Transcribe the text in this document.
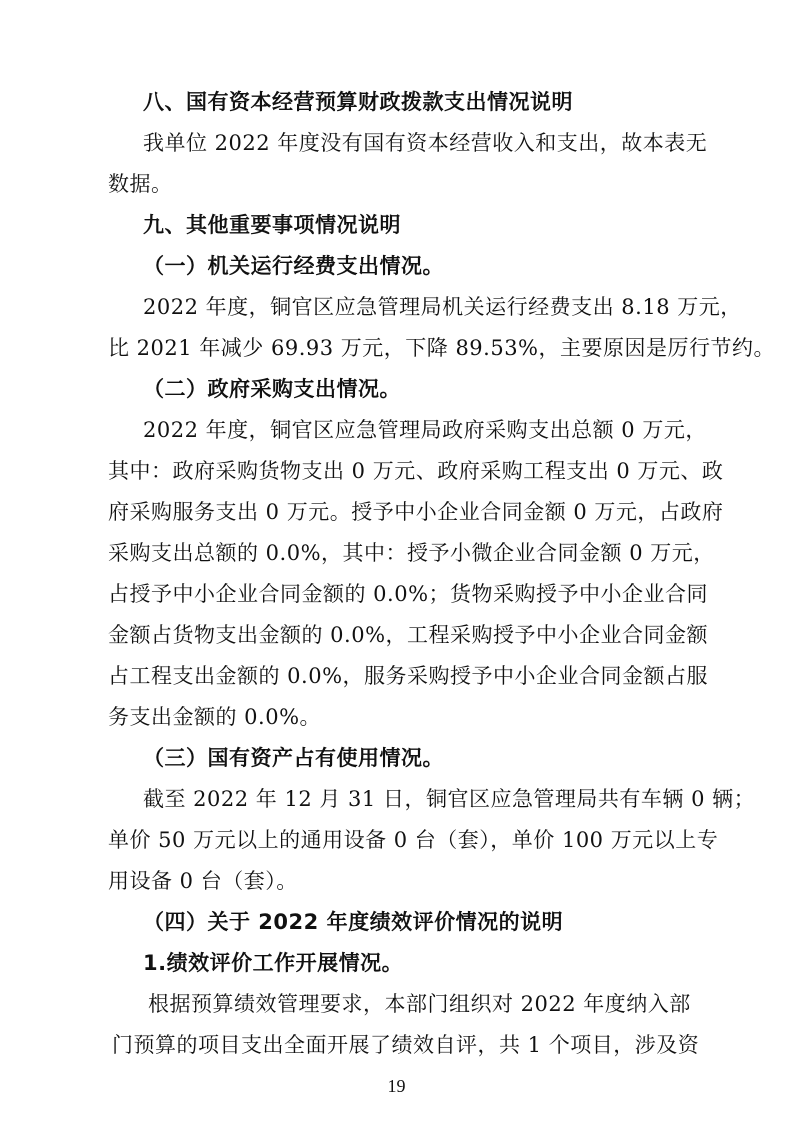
八、国有资本经营预算财政拨款支出情况说明
我单位 2022 年度没有国有资本经营收入和支出，故本表无
数据。
九、其他重要事项情况说明
（一）机关运行经费支出情况。
2022 年度，铜官区应急管理局机关运行经费支出 8.18 万元，
比 2021 年减少 69.93 万元，下降 89.53%，主要原因是厉行节约。
（二）政府采购支出情况。
2022 年度，铜官区应急管理局政府采购支出总额 0 万元，
其中：政府采购货物支出 0 万元、政府采购工程支出 0 万元、政
府采购服务支出 0 万元。授予中小企业合同金额 0 万元，占政府
采购支出总额的 0.0%，其中：授予小微企业合同金额 0 万元，
占授予中小企业合同金额的 0.0%；货物采购授予中小企业合同
金额占货物支出金额的 0.0%，工程采购授予中小企业合同金额
占工程支出金额的 0.0%，服务采购授予中小企业合同金额占服
务支出金额的 0.0%。
（三）国有资产占有使用情况。
截至 2022 年 12 月 31 日，铜官区应急管理局共有车辆 0 辆；
单价 50 万元以上的通用设备 0 台（套），单价 100 万元以上专
用设备 0 台（套）。
（四）关于 2022 年度绩效评价情况的说明
1.绩效评价工作开展情况。
根据预算绩效管理要求，本部门组织对 2022 年度纳入部
门预算的项目支出全面开展了绩效自评，共 1 个项目，涉及资
19
